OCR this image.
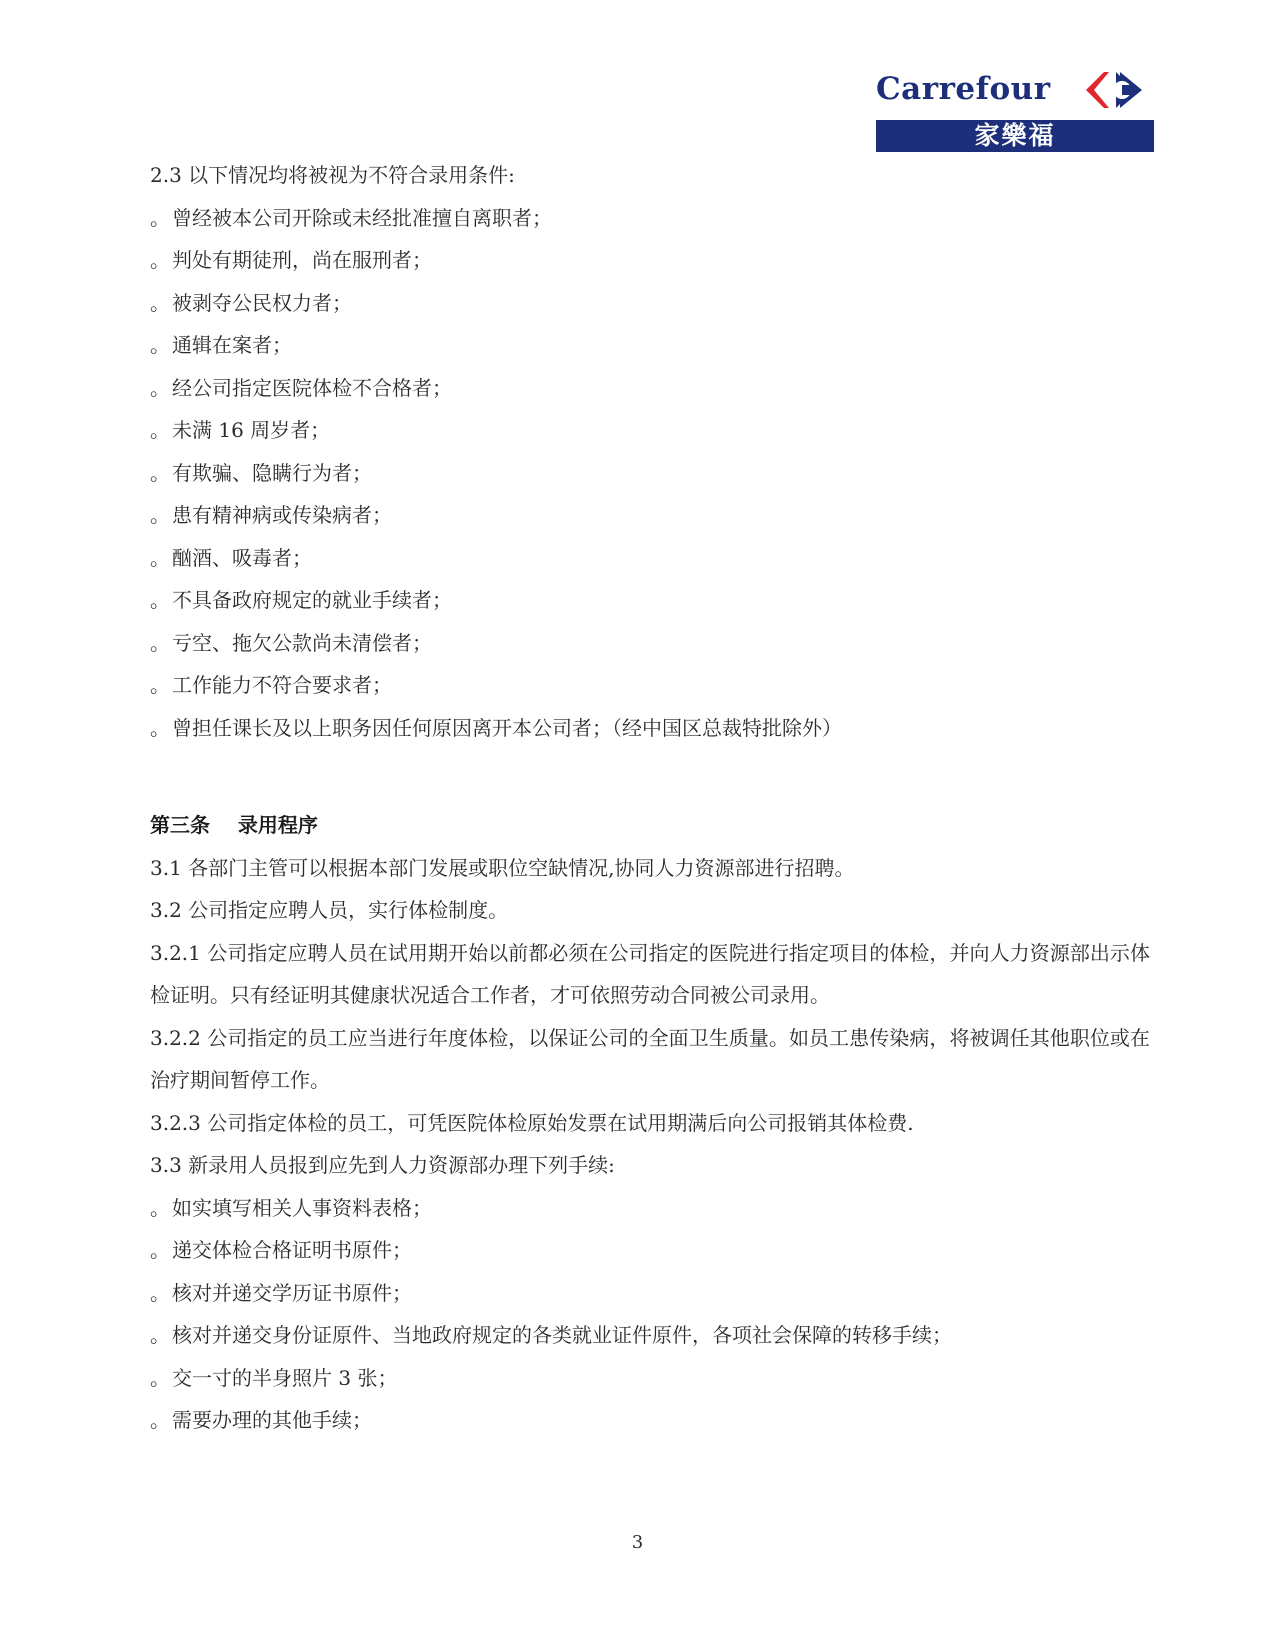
Carrefour
家樂福
2.3 以下情况均将被视为不符合录用条件:
。 曾经被本公司开除或未经批准擅自离职者；
。 判处有期徒刑，尚在服刑者；
。 被剥夺公民权力者；
。 通辑在案者；
。 经公司指定医院体检不合格者；
。 未满 16 周岁者；
。 有欺骗、隐瞒行为者；
。 患有精神病或传染病者；
。 酗酒、吸毒者；
。 不具备政府规定的就业手续者；
。 亏空、拖欠公款尚未清偿者；
。 工作能力不符合要求者；
。 曾担任课长及以上职务因任何原因离开本公司者；（经中国区总裁特批除外）
第三条    录用程序
3.1 各部门主管可以根据本部门发展或职位空缺情况,协同人力资源部进行招聘。
3.2 公司指定应聘人员，实行体检制度。
3.2.1 公司指定应聘人员在试用期开始以前都必须在公司指定的医院进行指定项目的体检，并向人力资源部出示体检证明。只有经证明其健康状况适合工作者，才可依照劳动合同被公司录用。
3.2.2 公司指定的员工应当进行年度体检，以保证公司的全面卫生质量。如员工患传染病，将被调任其他职位或在治疗期间暂停工作。
3.2.3 公司指定体检的员工，可凭医院体检原始发票在试用期满后向公司报销其体检费.
3.3 新录用人员报到应先到人力资源部办理下列手续:
。 如实填写相关人事资料表格；
。 递交体检合格证明书原件；
。 核对并递交学历证书原件；
。 核对并递交身份证原件、当地政府规定的各类就业证件原件，各项社会保障的转移手续；
。 交一寸的半身照片 3 张；
。 需要办理的其他手续；
3
